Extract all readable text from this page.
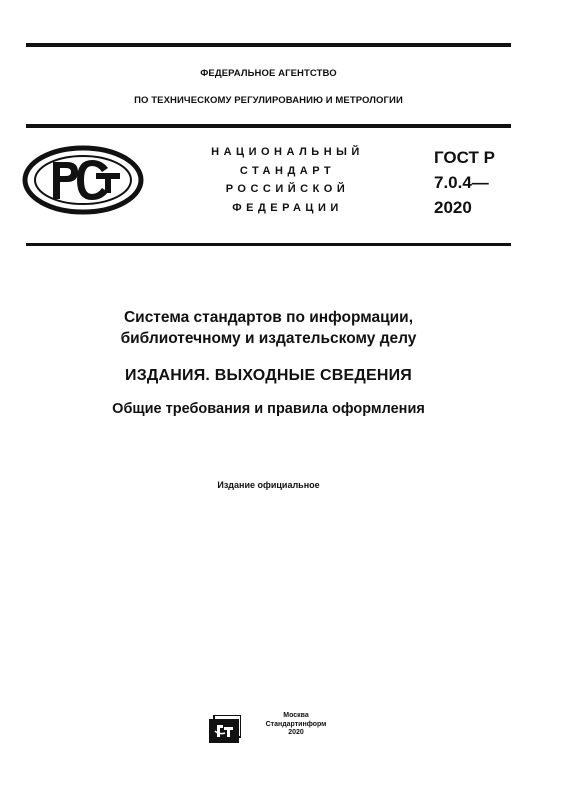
ФЕДЕРАЛЬНОЕ АГЕНТСТВО
ПО ТЕХНИЧЕСКОМУ РЕГУЛИРОВАНИЮ И МЕТРОЛОГИИ
НАЦИОНАЛЬНЫЙ
СТАНДАРТ
РОССИЙСКОЙ
ФЕДЕРАЦИИ
ГОСТ Р
7.0.4—
2020
Система стандартов по информации,
библиотечному и издательскому делу
ИЗДАНИЯ. ВЫХОДНЫЕ СВЕДЕНИЯ
Общие требования и правила оформления
Издание официальное
Москва
Стандартинформ
2020
